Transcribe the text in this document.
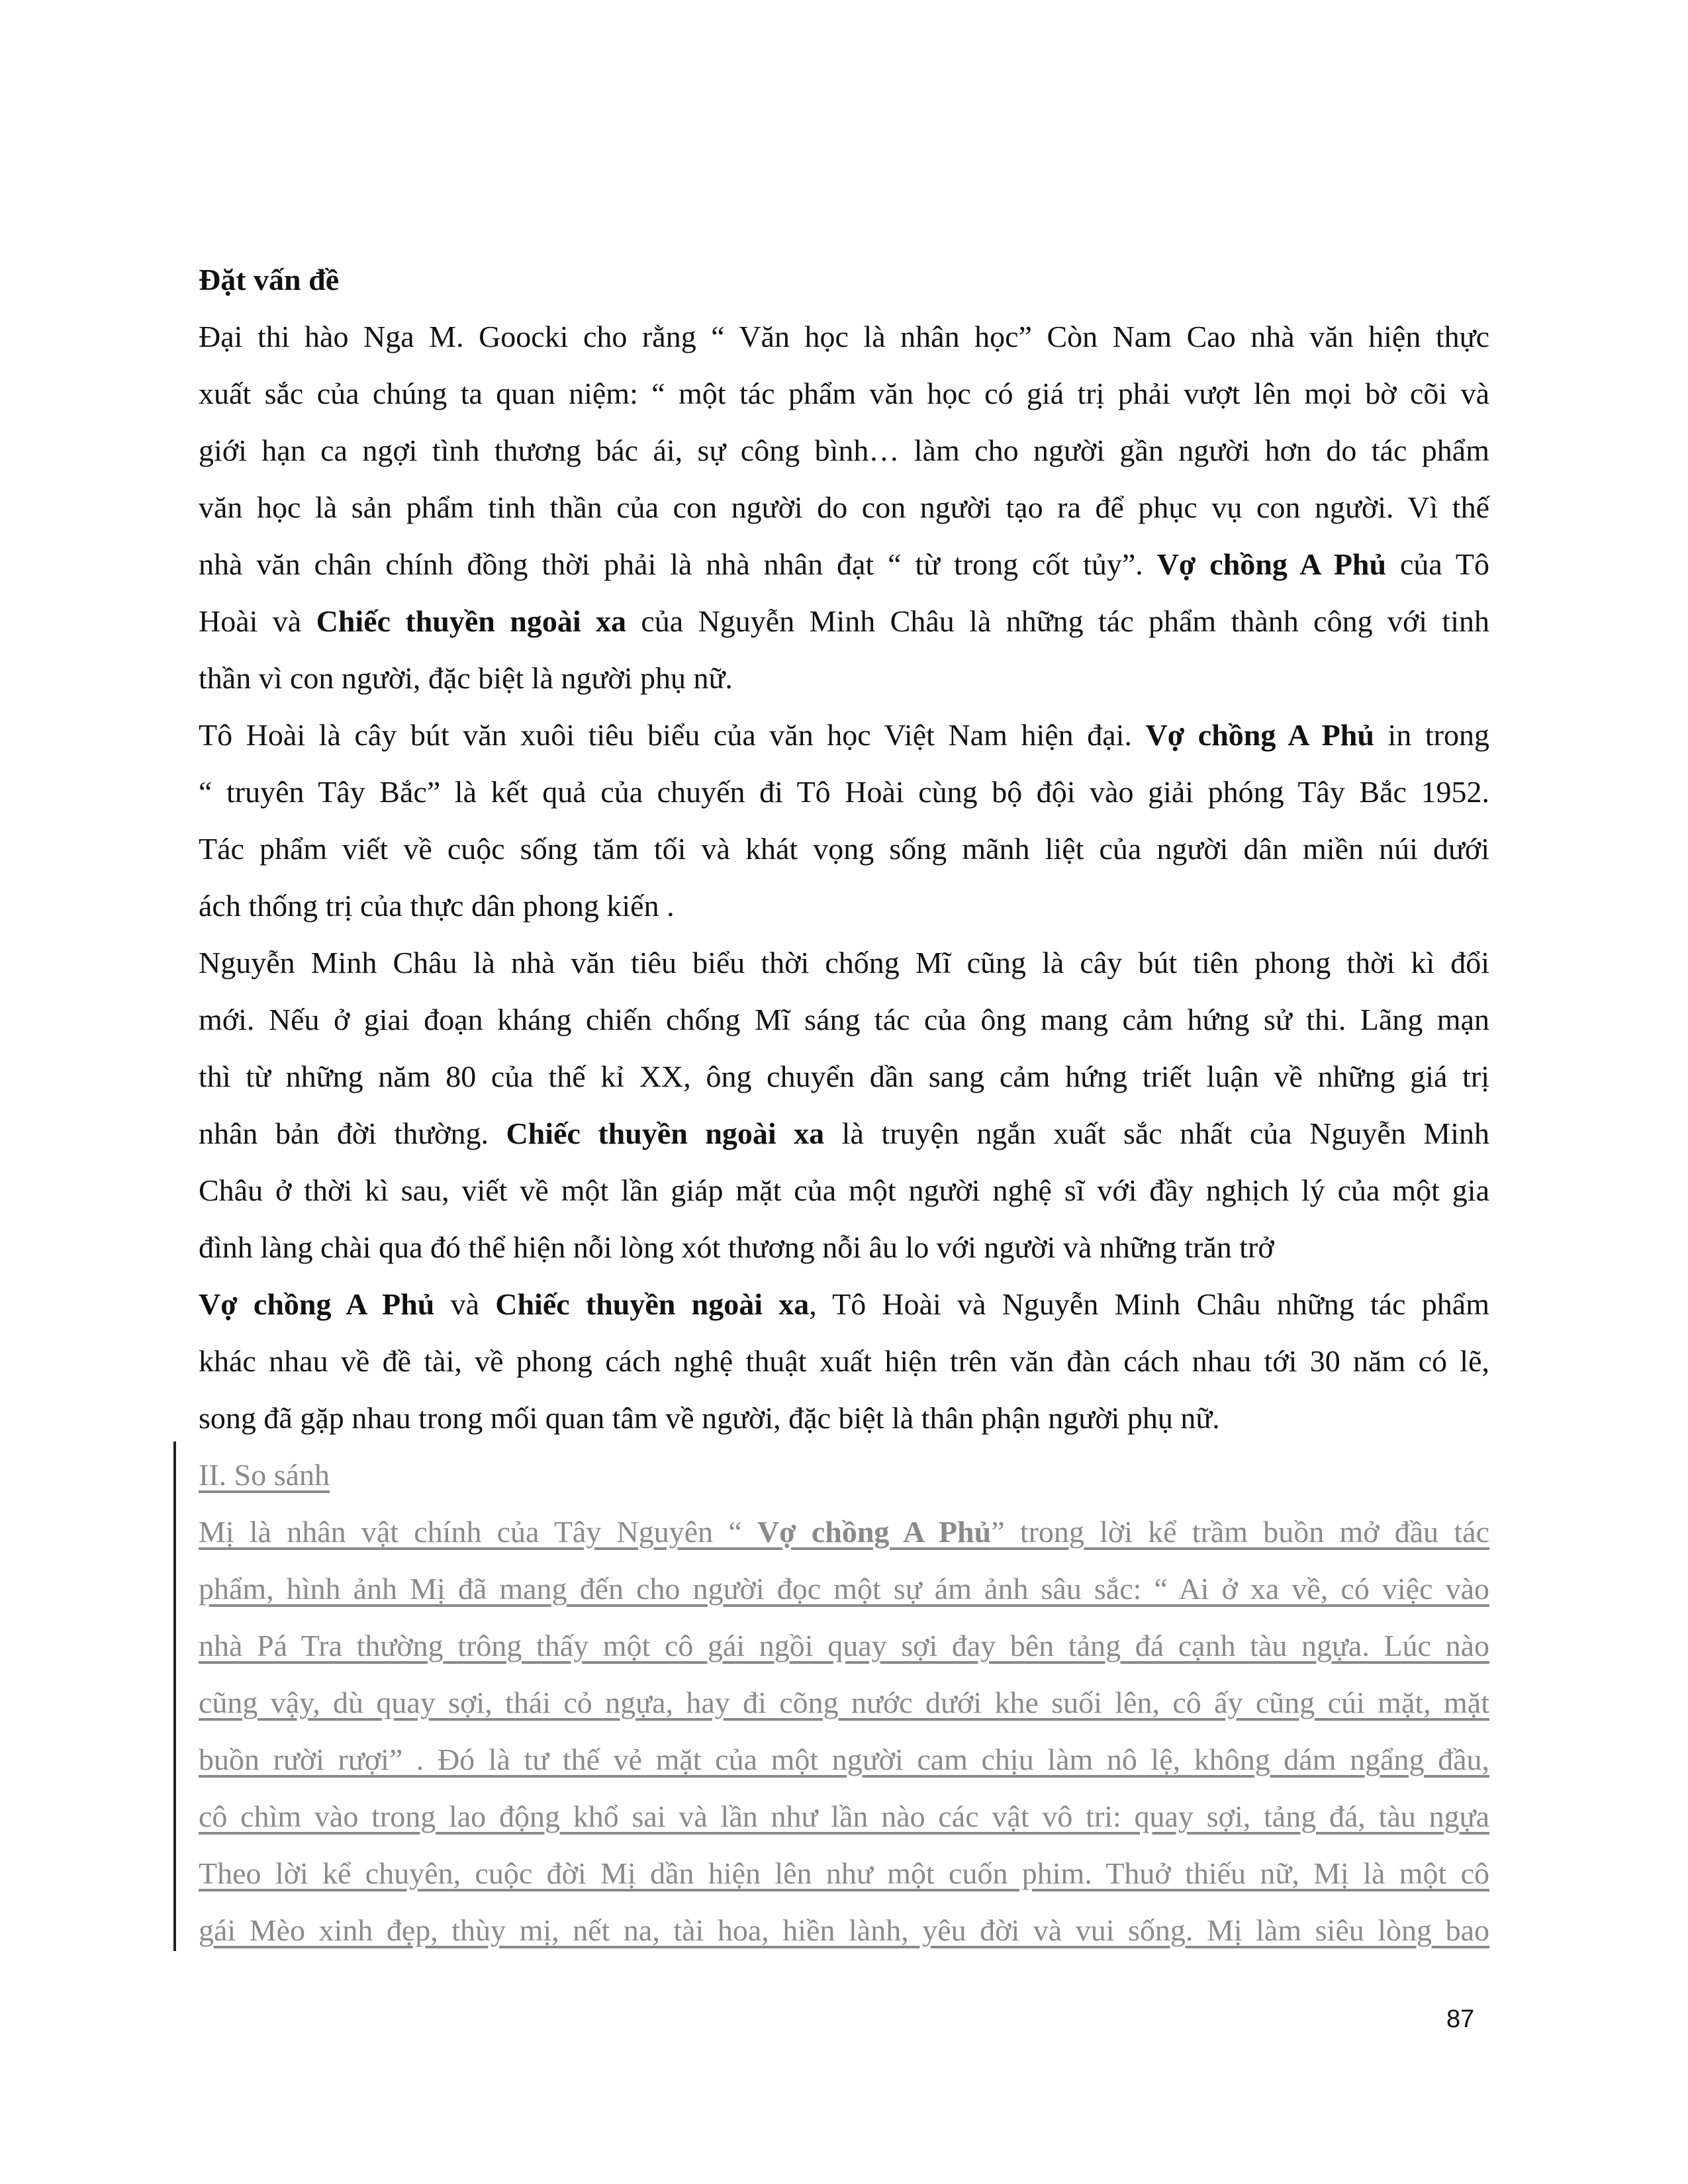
Đặt vấn đề
Đại thi hào Nga M. Goocki cho rằng “ Văn học là nhân học” Còn Nam Cao nhà văn hiện thực
xuất sắc của chúng ta quan niệm: “ một tác phẩm văn học có giá trị phải vượt lên mọi bờ cõi và
giới hạn ca ngợi tình thương bác ái, sự công bình… làm cho người gần người hơn do tác phẩm
văn học là sản phẩm tinh thần của con người do con người tạo ra để phục vụ con người. Vì thế
nhà văn chân chính đồng thời phải là nhà nhân đạt “ từ trong cốt tủy”. Vợ chồng A Phủ của Tô
Hoài và Chiếc thuyền ngoài xa của Nguyễn Minh Châu là những tác phẩm thành công với tinh
thần vì con người, đặc biệt là người phụ nữ.
Tô Hoài là cây bút văn xuôi tiêu biểu của văn học Việt Nam hiện đại. Vợ chồng A Phủ in trong
“ truyên Tây Bắc” là kết quả của chuyến đi Tô Hoài cùng bộ đội vào giải phóng Tây Bắc 1952.
Tác phẩm viết về cuộc sống tăm tối và khát vọng sống mãnh liệt của người dân miền núi dưới
ách thống trị của thực dân phong kiến .
Nguyễn Minh Châu là nhà văn tiêu biểu thời chống Mĩ cũng là cây bút tiên phong thời kì đổi
mới. Nếu ở giai đoạn kháng chiến chống Mĩ sáng tác của ông mang cảm hứng sử thi. Lãng mạn
thì từ những năm 80 của thế kỉ XX, ông chuyển dần sang cảm hứng triết luận về những giá trị
nhân bản đời thường. Chiếc thuyền ngoài xa là truyện ngắn xuất sắc nhất của Nguyễn Minh
Châu ở thời kì sau, viết về một lần giáp mặt của một người nghệ sĩ với đầy nghịch lý của một gia
đình làng chài qua đó thể hiện nỗi lòng xót thương nỗi âu lo với người và những trăn trở
Vợ chồng A Phủ và Chiếc thuyền ngoài xa, Tô Hoài và Nguyễn Minh Châu những tác phẩm
khác nhau về đề tài, về phong cách nghệ thuật xuất hiện trên văn đàn cách nhau tới 30 năm có lẽ,
song đã gặp nhau trong mối quan tâm về người, đặc biệt là thân phận người phụ nữ.
II. So sánh
Mị là nhân vật chính của Tây Nguyên “ Vợ chồng A Phủ” trong lời kể trầm buồn mở đầu tác
phẩm, hình ảnh Mị đã mang đến cho người đọc một sự ám ảnh sâu sắc: “ Ai ở xa về, có việc vào
nhà Pá Tra thường trông thấy một cô gái ngồi quay sợi đay bên tảng đá cạnh tàu ngựa. Lúc nào
cũng vậy, dù quay sợi, thái cỏ ngựa, hay đi cõng nước dưới khe suối lên, cô ấy cũng cúi mặt, mặt
buồn rười rượi” . Đó là tư thế vẻ mặt của một người cam chịu làm nô lệ, không dám ngẩng đầu,
cô chìm vào trong lao động khổ sai và lần như lần nào các vật vô tri: quay sợi, tảng đá, tàu ngựa
Theo lời kể chuyên, cuộc đời Mị dần hiện lên như một cuốn phim. Thuở thiếu nữ, Mị là một cô
gái Mèo xinh đẹp, thùy mị, nết na, tài hoa, hiền lành, yêu đời và vui sống. Mị làm siêu lòng bao
87
